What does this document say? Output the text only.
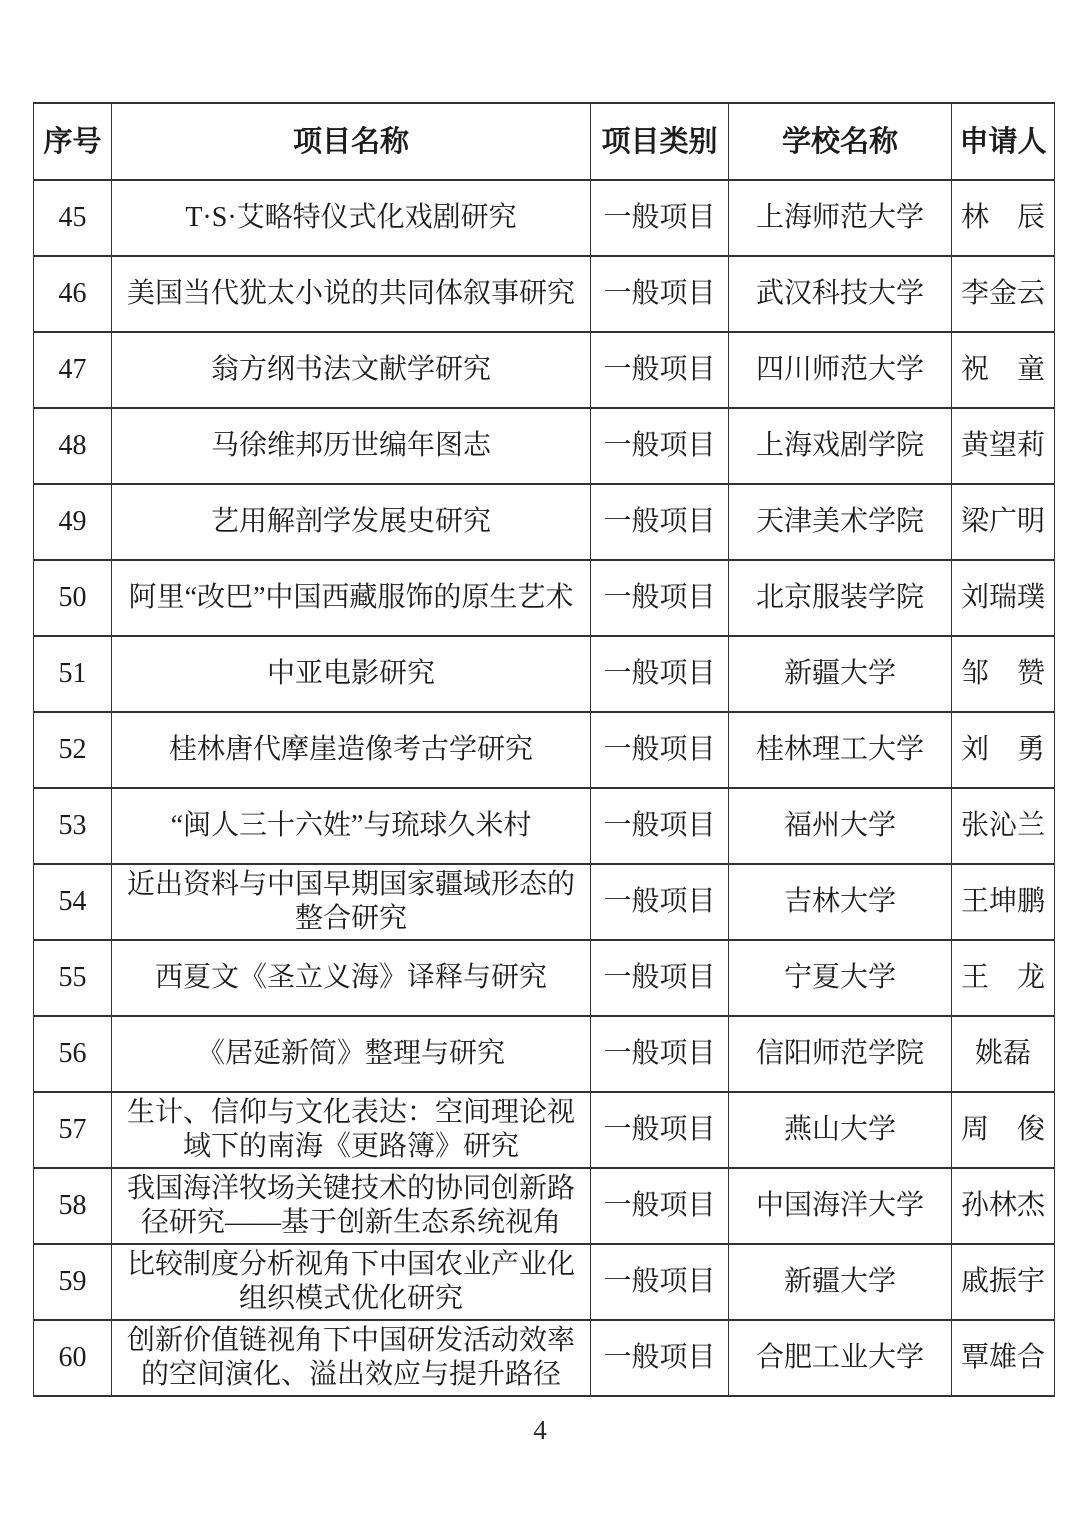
序号	项目名称	项目类别	学校名称	申请人
45	T·S·艾略特仪式化戏剧研究	一般项目	上海师范大学	林　辰
46	美国当代犹太小说的共同体叙事研究	一般项目	武汉科技大学	李金云
47	翁方纲书法文献学研究	一般项目	四川师范大学	祝　童
48	马徐维邦历世编年图志	一般项目	上海戏剧学院	黄望莉
49	艺用解剖学发展史研究	一般项目	天津美术学院	梁广明
50	阿里“改巴”中国西藏服饰的原生艺术	一般项目	北京服装学院	刘瑞璞
51	中亚电影研究	一般项目	新疆大学	邹　赞
52	桂林唐代摩崖造像考古学研究	一般项目	桂林理工大学	刘　勇
53	“闽人三十六姓”与琉球久米村	一般项目	福州大学	张沁兰
54	近出资料与中国早期国家疆域形态的整合研究	一般项目	吉林大学	王坤鹏
55	西夏文《圣立义海》译释与研究	一般项目	宁夏大学	王　龙
56	《居延新简》整理与研究	一般项目	信阳师范学院	姚磊
57	生计、信仰与文化表达：空间理论视域下的南海《更路簿》研究	一般项目	燕山大学	周　俊
58	我国海洋牧场关键技术的协同创新路径研究——基于创新生态系统视角	一般项目	中国海洋大学	孙林杰
59	比较制度分析视角下中国农业产业化组织模式优化研究	一般项目	新疆大学	戚振宇
60	创新价值链视角下中国研发活动效率的空间演化、溢出效应与提升路径	一般项目	合肥工业大学	覃雄合
4
